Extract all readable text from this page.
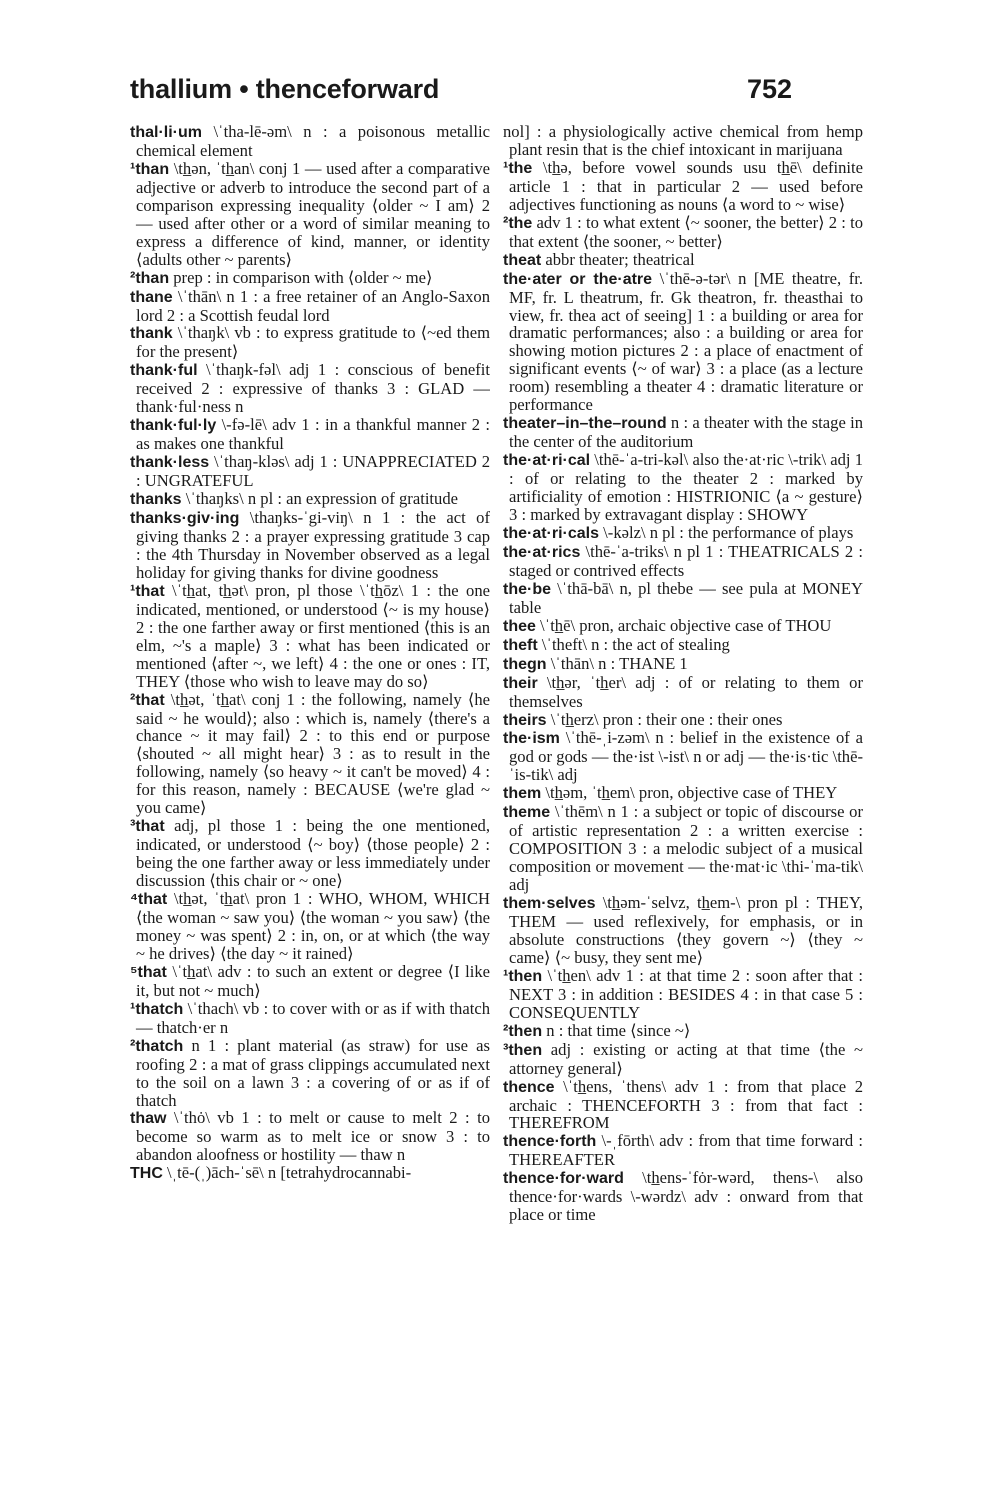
thallium • thenceforward	752

thal·li·um \ˈtha-lē-əm\ n : a poisonous metallic chemical element

¹than \th̲ən, ˈth̲an\ conj 1 — used after a comparative adjective or adverb to introduce the second part of a comparison expressing inequality ⟨older ~ I am⟩ 2 — used after other or a word of similar meaning to express a difference of kind, manner, or identity ⟨adults other ~ parents⟩

²than prep : in comparison with ⟨older ~ me⟩

thane \ˈthān\ n 1 : a free retainer of an Anglo-Saxon lord 2 : a Scottish feudal lord

thank \ˈthaŋk\ vb : to express gratitude to ⟨~ed them for the present⟩

thank·ful \ˈthaŋk-fəl\ adj 1 : conscious of benefit received 2 : expressive of thanks 3 : GLAD — thank·ful·ness n

thank·ful·ly \-fə-lē\ adv 1 : in a thankful manner 2 : as makes one thankful

thank·less \ˈthaŋ-kləs\ adj 1 : UNAPPRECIATED 2 : UNGRATEFUL

thanks \ˈthaŋks\ n pl : an expression of gratitude

thanks·giv·ing \thaŋks-ˈgi-viŋ\ n 1 : the act of giving thanks 2 : a prayer expressing gratitude 3 cap : the 4th Thursday in November observed as a legal holiday for giving thanks for divine goodness

¹that \ˈth̲at, th̲ət\ pron, pl those \ˈth̲ōz\ 1 : the one indicated, mentioned, or understood ⟨~ is my house⟩ 2 : the one farther away or first mentioned ⟨this is an elm, ~'s a maple⟩ 3 : what has been indicated or mentioned ⟨after ~, we left⟩ 4 : the one or ones : IT, THEY ⟨those who wish to leave may do so⟩

²that \th̲ət, ˈth̲at\ conj 1 : the following, namely ⟨he said ~ he would⟩; also : which is, namely ⟨there's a chance ~ it may fail⟩ 2 : to this end or purpose ⟨shouted ~ all might hear⟩ 3 : as to result in the following, namely ⟨so heavy ~ it can't be moved⟩ 4 : for this reason, namely : BECAUSE ⟨we're glad ~ you came⟩

³that adj, pl those 1 : being the one mentioned, indicated, or understood ⟨~ boy⟩ ⟨those people⟩ 2 : being the one farther away or less immediately under discussion ⟨this chair or ~ one⟩

⁴that \th̲ət, ˈth̲at\ pron 1 : WHO, WHOM, WHICH ⟨the woman ~ saw you⟩ ⟨the woman ~ you saw⟩ ⟨the money ~ was spent⟩ 2 : in, on, or at which ⟨the way ~ he drives⟩ ⟨the day ~ it rained⟩

⁵that \ˈth̲at\ adv : to such an extent or degree ⟨I like it, but not ~ much⟩

¹thatch \ˈthach\ vb : to cover with or as if with thatch — thatch·er n

²thatch n 1 : plant material (as straw) for use as roofing 2 : a mat of grass clippings accumulated next to the soil on a lawn 3 : a covering of or as if of thatch

thaw \ˈthȯ\ vb 1 : to melt or cause to melt 2 : to become so warm as to melt ice or snow 3 : to abandon aloofness or hostility — thaw n

THC \ˌtē-(ˌ)āch-ˈsē\ n [tetrahydrocannabi-

nol] : a physiologically active chemical from hemp plant resin that is the chief intoxicant in marijuana

¹the \th̲ə, before vowel sounds usu th̲ē\ definite article 1 : that in particular 2 — used before adjectives functioning as nouns ⟨a word to ~ wise⟩

²the adv 1 : to what extent ⟨~ sooner, the better⟩ 2 : to that extent ⟨the sooner, ~ better⟩

theat abbr theater; theatrical

the·ater or the·atre \ˈthē-ə-tər\ n [ME theatre, fr. MF, fr. L theatrum, fr. Gk theatron, fr. theasthai to view, fr. thea act of seeing] 1 : a building or area for dramatic performances; also : a building or area for showing motion pictures 2 : a place of enactment of significant events ⟨~ of war⟩ 3 : a place (as a lecture room) resembling a theater 4 : dramatic literature or performance

theater–in–the–round n : a theater with the stage in the center of the auditorium

the·at·ri·cal \thē-ˈa-tri-kəl\ also the·at·ric \-trik\ adj 1 : of or relating to the theater 2 : marked by artificiality of emotion : HISTRIONIC ⟨a ~ gesture⟩ 3 : marked by extravagant display : SHOWY

the·at·ri·cals \-kəlz\ n pl : the performance of plays

the·at·rics \thē-ˈa-triks\ n pl 1 : THEATRICALS 2 : staged or contrived effects

the·be \ˈthā-bā\ n, pl thebe — see pula at MONEY table

thee \ˈth̲ē\ pron, archaic objective case of THOU

theft \ˈtheft\ n : the act of stealing

thegn \ˈthān\ n : THANE 1

their \th̲ər, ˈth̲er\ adj : of or relating to them or themselves

theirs \ˈth̲erz\ pron : their one : their ones

the·ism \ˈthē-ˌi-zəm\ n : belief in the existence of a god or gods — the·ist \-ist\ n or adj — the·is·tic \thē-ˈis-tik\ adj

them \th̲əm, ˈth̲em\ pron, objective case of THEY

theme \ˈthēm\ n 1 : a subject or topic of discourse or of artistic representation 2 : a written exercise : COMPOSITION 3 : a melodic subject of a musical composition or movement — the·mat·ic \thi-ˈma-tik\ adj

them·selves \th̲əm-ˈselvz, th̲em-\ pron pl : THEY, THEM — used reflexively, for emphasis, or in absolute constructions ⟨they govern ~⟩ ⟨they ~ came⟩ ⟨~ busy, they sent me⟩

¹then \ˈth̲en\ adv 1 : at that time 2 : soon after that : NEXT 3 : in addition : BESIDES 4 : in that case 5 : CONSEQUENTLY

²then n : that time ⟨since ~⟩

³then adj : existing or acting at that time ⟨the ~ attorney general⟩

thence \ˈth̲ens, ˈthens\ adv 1 : from that place 2 archaic : THENCEFORTH 3 : from that fact : THEREFROM

thence·forth \-ˌfōrth\ adv : from that time forward : THEREAFTER

thence·for·ward \th̲ens-ˈfȯr-wərd, thens-\ also thence·for·wards \-wərdz\ adv : onward from that place or time
